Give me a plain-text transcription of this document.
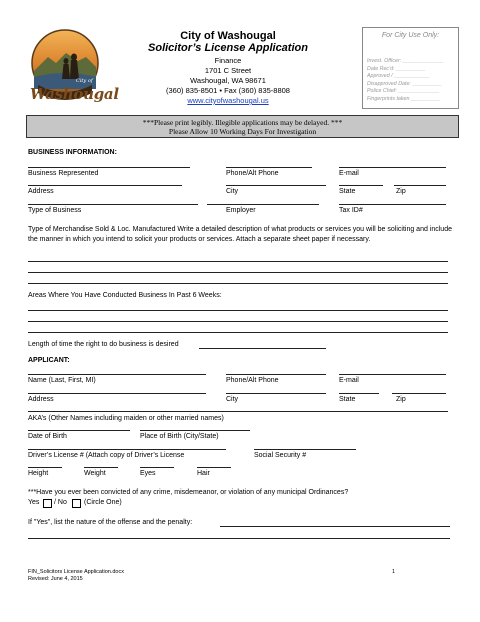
City of
Washougal
City of Washougal
Solicitor’s License Application
Finance
1701 C Street
Washougal, WA 98671
(360) 835-8501 • Fax (360) 835-8808
www.cityofwashougal.us
For City Use Only:
Invest. Officer: ______________
Date Rec'd: __________
Approved / ____________
Disapproved Date: __________
Police Chief: ______________
Fingerprints taken __________
***Please print legibly. Illegible applications may be delayed. ***
Please Allow 10 Working Days For Investigation
BUSINESS INFORMATION:
Business Represented	Phone/Alt Phone	E-mail
Address	City	State	Zip
Type of Business	Employer	Tax ID#
Type of Merchandise Sold & Loc. Manufactured Write a detailed description of what products or services you will be soliciting and include the manner in which you intend to solicit your products or services. Attach a separate sheet paper if necessary.
Areas Where You Have Conducted Business In Past 6 Weeks:
Length of time the right to do business is desired
APPLICANT:
Name (Last, First, MI)	Phone/Alt Phone	E-mail
Address	City	State	Zip
AKA’s (Other Names including maiden or other married names)
Date of Birth	Place of Birth (City/State)
Driver’s License # (Attach copy of Driver’s License	Social Security #
Height	Weight	Eyes	Hair
***Have you ever been convicted of any crime, misdemeanor, or violation of any municipal Ordinances?
Yes / No (Circle One)
If "Yes", list the nature of the offense and the penalty:
FIN_Solicitors License Application.docx
Revised: June 4, 2015
1
